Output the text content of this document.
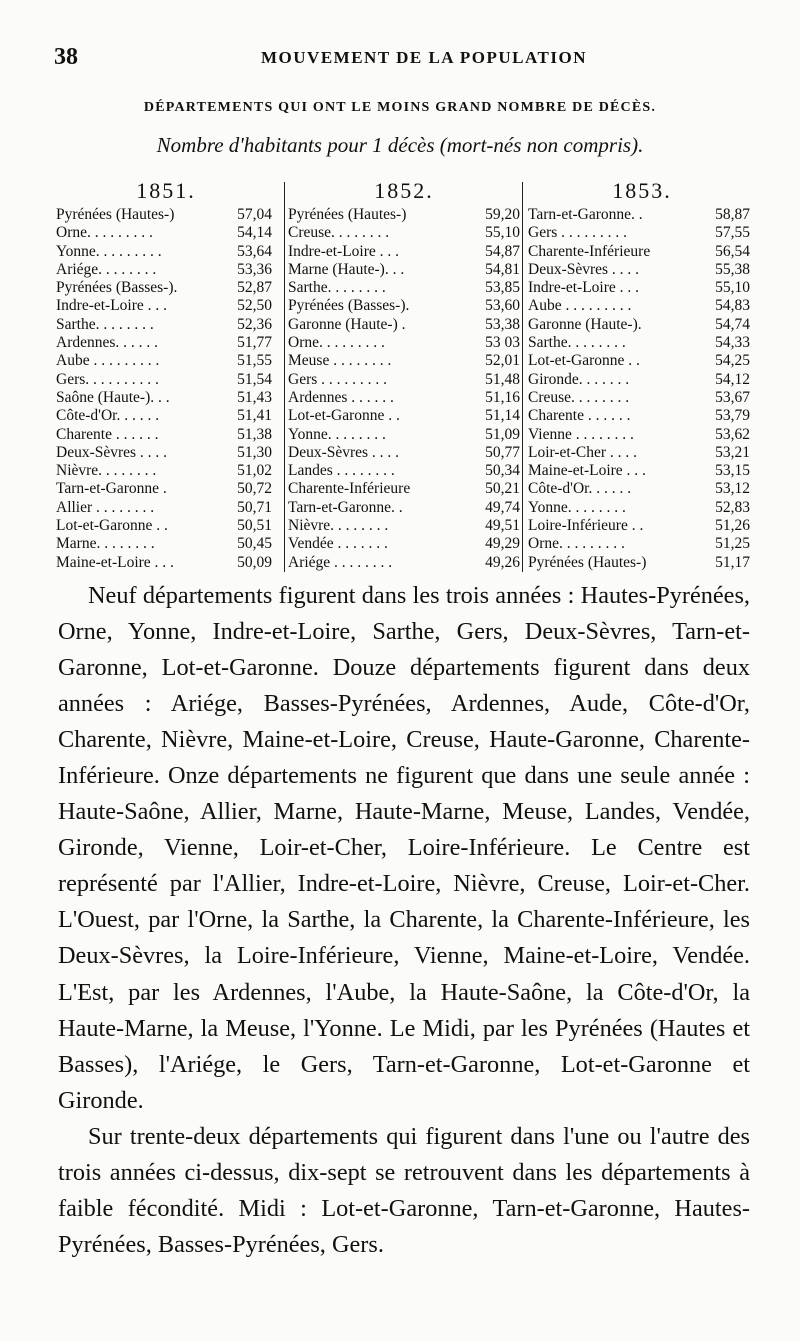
38	MOUVEMENT DE LA POPULATION
DÉPARTEMENTS QUI ONT LE MOINS GRAND NOMBRE DE DÉCÈS.
Nombre d'habitants pour 1 décès (mort-nés non compris).
1851.
Pyrénées (Hautes-)	57,04
Orne. . . . . . . . .	54,14
Yonne. . . . . . . . .	53,64
Ariége. . . . . . . .	53,36
Pyrénées (Basses-).	52,87
Indre-et-Loire . . .	52,50
Sarthe. . . . . . . .	52,36
Ardennes. . . . . .	51,77
Aube . . . . . . . . .	51,55
Gers. . . . . . . . . .	51,54
Saône (Haute-). . .	51,43
Côte-d'Or. . . . . .	51,41
Charente . . . . . .	51,38
Deux-Sèvres . . . .	51,30
Nièvre. . . . . . . .	51,02
Tarn-et-Garonne .	50,72
Allier . . . . . . . .	50,71
Lot-et-Garonne . .	50,51
Marne. . . . . . . .	50,45
Maine-et-Loire . . .	50,09
1852.
Pyrénées (Hautes-)	59,20
Creuse. . . . . . . .	55,10
Indre-et-Loire . . .	54,87
Marne (Haute-). . .	54,81
Sarthe. . . . . . . .	53,85
Pyrénées (Basses-).	53,60
Garonne (Haute-) .	53,38
Orne. . . . . . . . .	53 03
Meuse . . . . . . . .	52,01
Gers . . . . . . . . .	51,48
Ardennes . . . . . .	51,16
Lot-et-Garonne . .	51,14
Yonne. . . . . . . .	51,09
Deux-Sèvres . . . .	50,77
Landes . . . . . . . .	50,34
Charente-Inférieure	50,21
Tarn-et-Garonne. .	49,74
Nièvre. . . . . . . .	49,51
Vendée . . . . . . .	49,29
Ariége . . . . . . . .	49,26
1853.
Tarn-et-Garonne. .	58,87
Gers . . . . . . . . .	57,55
Charente-Inférieure	56,54
Deux-Sèvres . . . .	55,38
Indre-et-Loire . . .	55,10
Aube . . . . . . . . .	54,83
Garonne (Haute-).	54,74
Sarthe. . . . . . . .	54,33
Lot-et-Garonne . .	54,25
Gironde. . . . . . .	54,12
Creuse. . . . . . . .	53,67
Charente . . . . . .	53,79
Vienne . . . . . . . .	53,62
Loir-et-Cher . . . .	53,21
Maine-et-Loire . . .	53,15
Côte-d'Or. . . . . .	53,12
Yonne. . . . . . . .	52,83
Loire-Inférieure . .	51,26
Orne. . . . . . . . .	51,25
Pyrénées (Hautes-)	51,17

Neuf départements figurent dans les trois années : Hautes-Pyrénées, Orne, Yonne, Indre-et-Loire, Sarthe, Gers, Deux-Sèvres, Tarn-et-Garonne, Lot-et-Garonne. Douze départements figurent dans deux années : Ariége, Basses-Pyrénées, Ardennes, Aude, Côte-d'Or, Charente, Nièvre, Maine-et-Loire, Creuse, Haute-Garonne, Charente-Inférieure. Onze départements ne figurent que dans une seule année : Haute-Saône, Allier, Marne, Haute-Marne, Meuse, Landes, Vendée, Gironde, Vienne, Loir-et-Cher, Loire-Inférieure. Le Centre est représenté par l'Allier, Indre-et-Loire, Nièvre, Creuse, Loir-et-Cher. L'Ouest, par l'Orne, la Sarthe, la Charente, la Charente-Inférieure, les Deux-Sèvres, la Loire-Inférieure, Vienne, Maine-et-Loire, Vendée. L'Est, par les Ardennes, l'Aube, la Haute-Saône, la Côte-d'Or, la Haute-Marne, la Meuse, l'Yonne. Le Midi, par les Pyrénées (Hautes et Basses), l'Ariége, le Gers, Tarn-et-Garonne, Lot-et-Garonne et Gironde.

Sur trente-deux départements qui figurent dans l'une ou l'autre des trois années ci-dessus, dix-sept se retrouvent dans les départements à faible fécondité. Midi : Lot-et-Garonne, Tarn-et-Garonne, Hautes-Pyrénées, Basses-Pyrénées, Gers.
